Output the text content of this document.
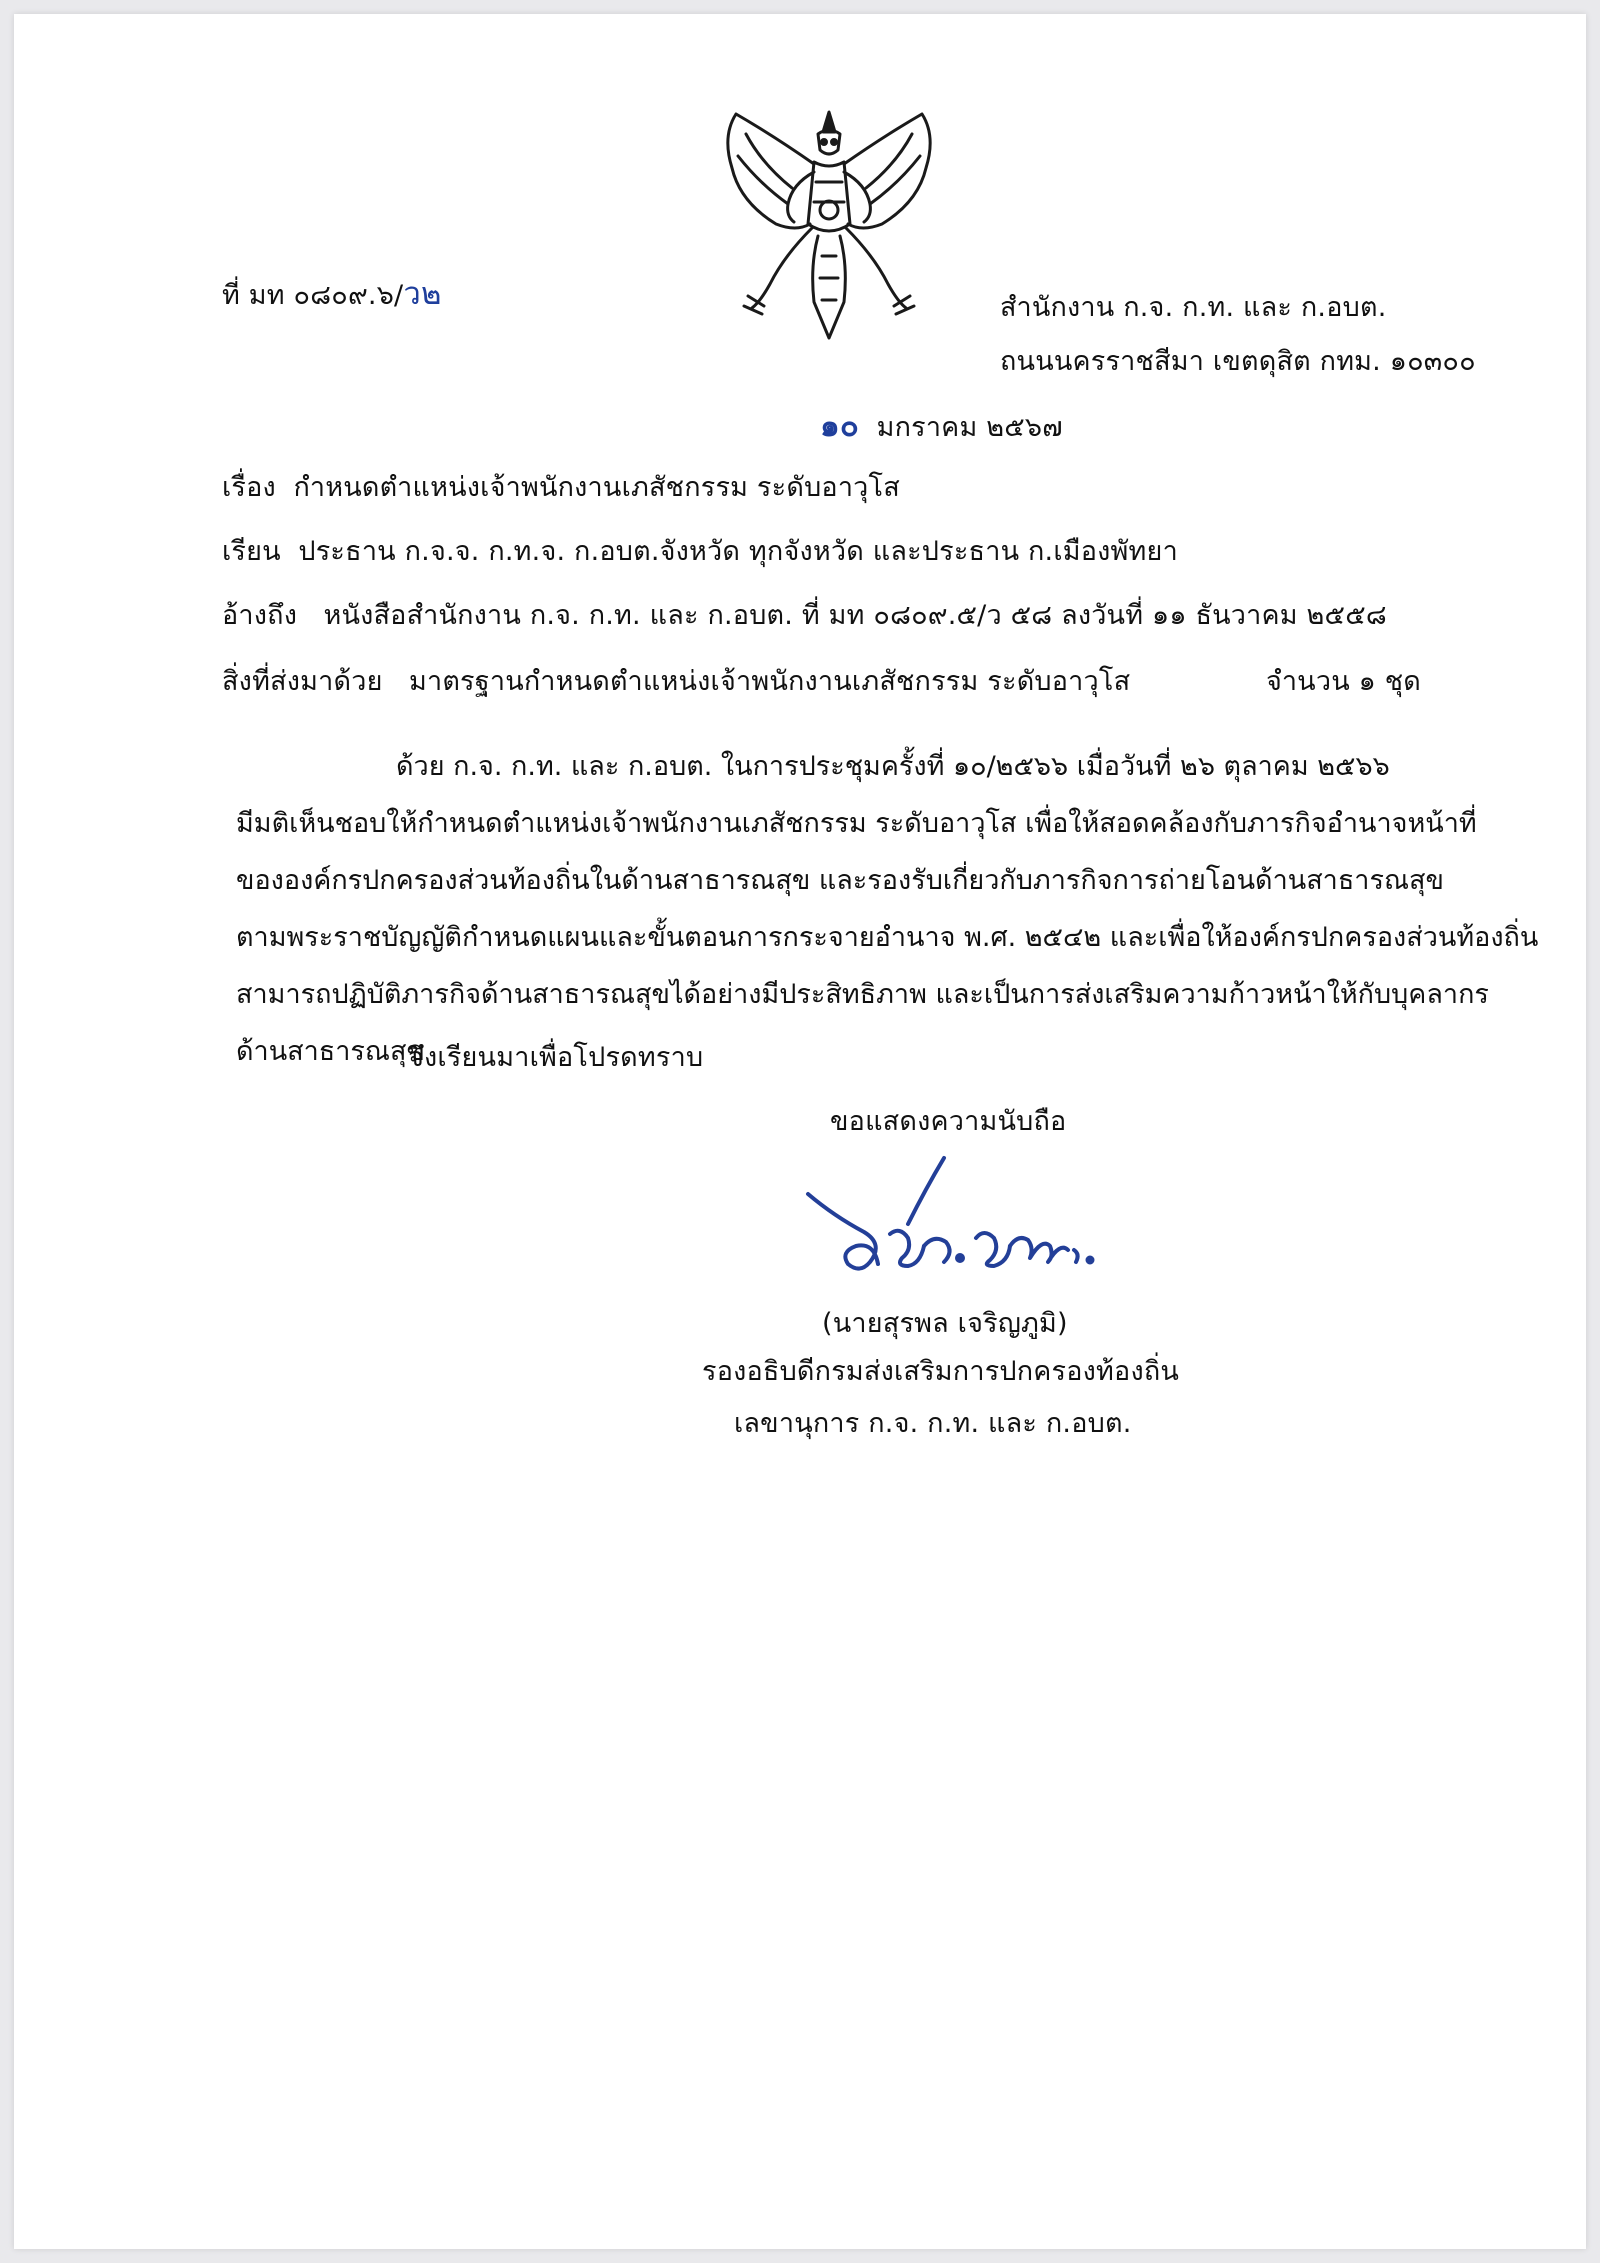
ที่ มท ๐๘๐๙.๖/ว๒	สำนักงาน ก.จ. ก.ท. และ ก.อบต.
ถนนนครราชสีมา เขตดุสิต กทม. ๑๐๓๐๐
๑๐ มกราคม ๒๕๖๗
เรื่อง กำหนดตำแหน่งเจ้าพนักงานเภสัชกรรม ระดับอาวุโส
เรียน ประธาน ก.จ.จ. ก.ท.จ. ก.อบต.จังหวัด ทุกจังหวัด และประธาน ก.เมืองพัทยา
อ้างถึง หนังสือสำนักงาน ก.จ. ก.ท. และ ก.อบต. ที่ มท ๐๘๐๙.๕/ว ๕๘ ลงวันที่ ๑๑ ธันวาคม ๒๕๕๘
สิ่งที่ส่งมาด้วย มาตรฐานกำหนดตำแหน่งเจ้าพนักงานเภสัชกรรม ระดับอาวุโส	จำนวน ๑ ชุด
ด้วย ก.จ. ก.ท. และ ก.อบต. ในการประชุมครั้งที่ ๑๐/๒๕๖๖ เมื่อวันที่ ๒๖ ตุลาคม ๒๕๖๖
มีมติเห็นชอบให้กำหนดตำแหน่งเจ้าพนักงานเภสัชกรรม ระดับอาวุโส เพื่อให้สอดคล้องกับภารกิจอำนาจหน้าที่
ขององค์กรปกครองส่วนท้องถิ่นในด้านสาธารณสุข และรองรับเกี่ยวกับภารกิจการถ่ายโอนด้านสาธารณสุข
ตามพระราชบัญญัติกำหนดแผนและขั้นตอนการกระจายอำนาจ พ.ศ. ๒๕๔๒ และเพื่อให้องค์กรปกครองส่วนท้องถิ่น
สามารถปฏิบัติภารกิจด้านสาธารณสุขได้อย่างมีประสิทธิภาพ และเป็นการส่งเสริมความก้าวหน้าให้กับบุคลากร
ด้านสาธารณสุข
จึงเรียนมาเพื่อโปรดทราบ
ขอแสดงความนับถือ
(นายสุรพล เจริญภูมิ)
รองอธิบดีกรมส่งเสริมการปกครองท้องถิ่น
เลขานุการ ก.จ. ก.ท. และ ก.อบต.
